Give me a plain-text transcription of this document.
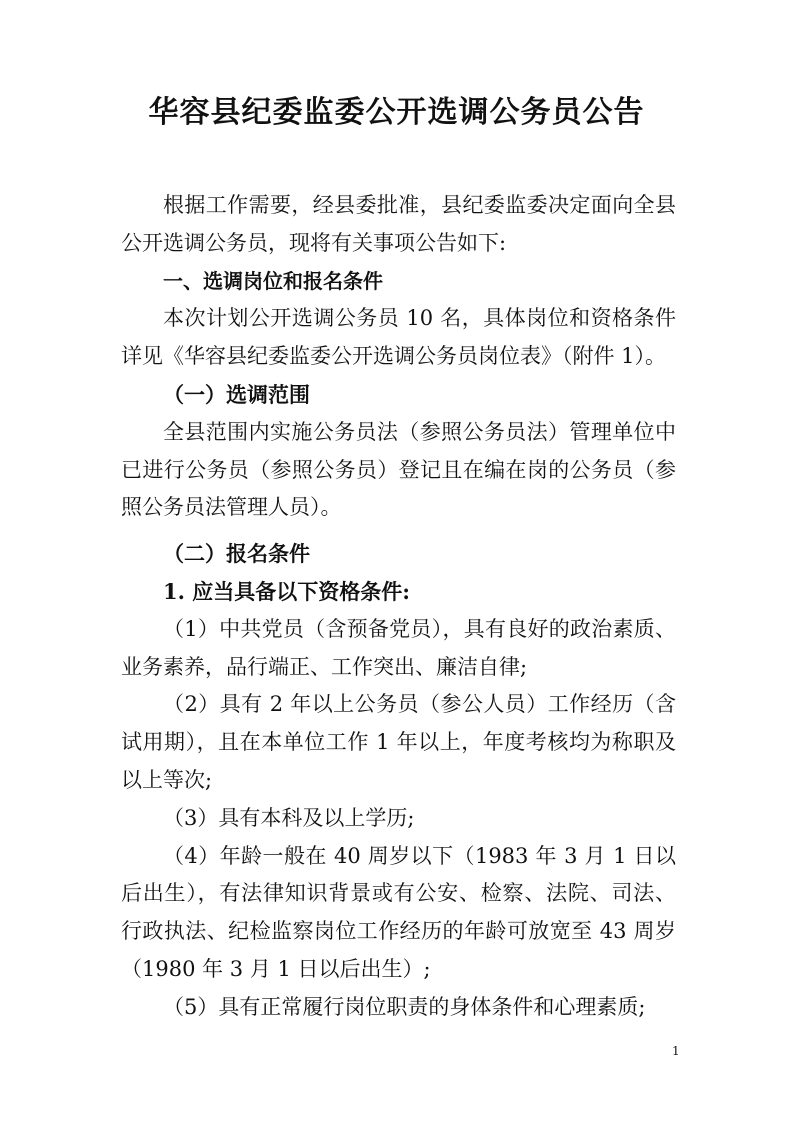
华容县纪委监委公开选调公务员公告

根据工作需要，经县委批准，县纪委监委决定面向全县公开选调公务员，现将有关事项公告如下:

一、选调岗位和报名条件

本次计划公开选调公务员 10 名，具体岗位和资格条件详见《华容县纪委监委公开选调公务员岗位表》（附件 1）。

（一）选调范围

全县范围内实施公务员法（参照公务员法）管理单位中已进行公务员（参照公务员）登记且在编在岗的公务员（参照公务员法管理人员）。

（二）报名条件

1. 应当具备以下资格条件:

（1）中共党员（含预备党员），具有良好的政治素质、业务素养，品行端正、工作突出、廉洁自律;

（2）具有 2 年以上公务员（参公人员）工作经历（含试用期），且在本单位工作 1 年以上，年度考核均为称职及以上等次;

（3）具有本科及以上学历;

（4）年龄一般在 40 周岁以下（1983 年 3 月 1 日以后出生），有法律知识背景或有公安、检察、法院、司法、行政执法、纪检监察岗位工作经历的年龄可放宽至 43 周岁（1980 年 3 月 1 日以后出生）;

（5）具有正常履行岗位职责的身体条件和心理素质;

1
